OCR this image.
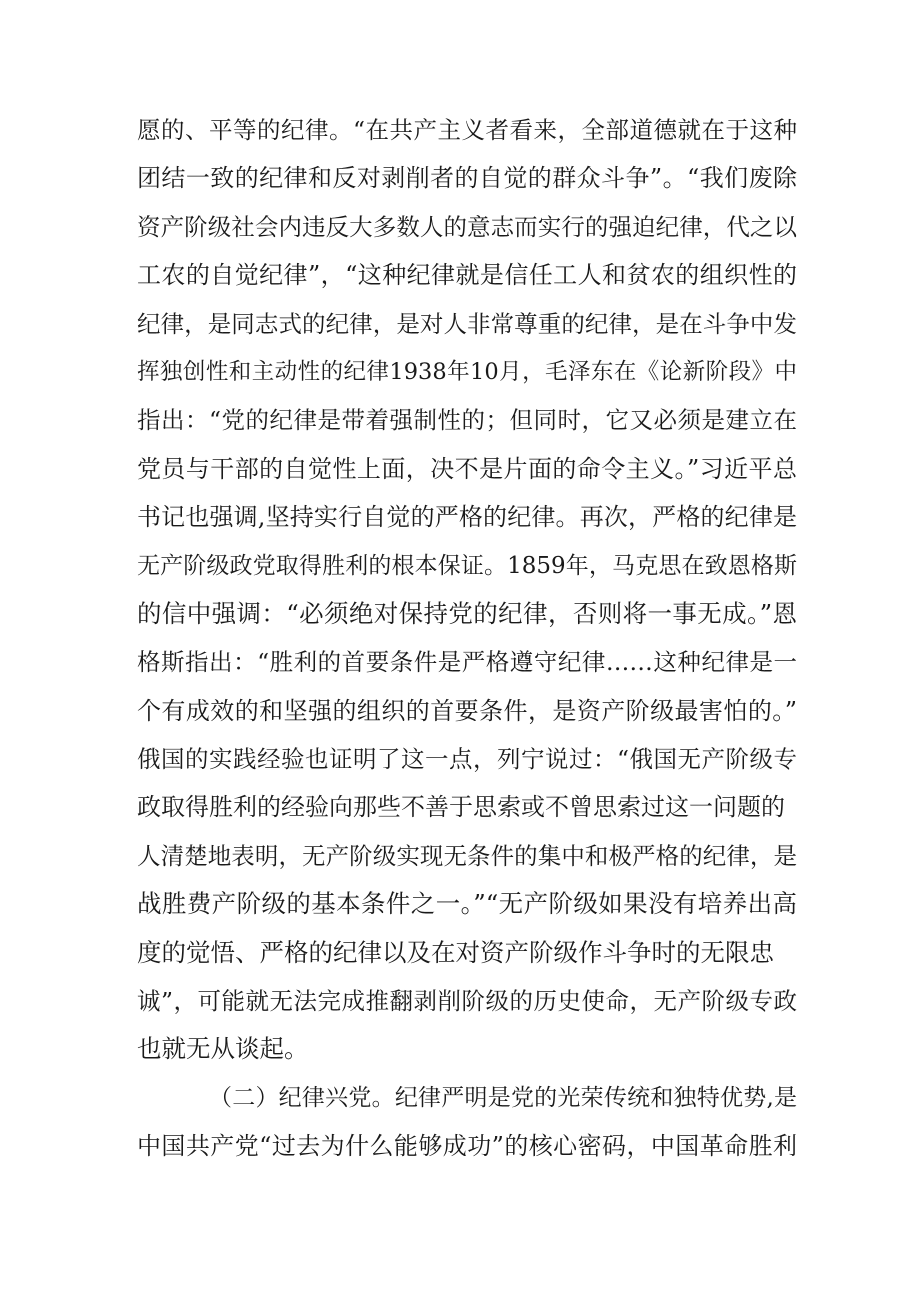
愿的、平等的纪律。“在共产主义者看来，全部道德就在于这种
团结一致的纪律和反对剥削者的自觉的群众斗争”。“我们废除
资产阶级社会内违反大多数人的意志而实行的强迫纪律，代之以
工农的自觉纪律”，“这种纪律就是信任工人和贫农的组织性的
纪律，是同志式的纪律，是对人非常尊重的纪律，是在斗争中发
挥独创性和主动性的纪律1938年10月，毛泽东在《论新阶段》中
指出：“党的纪律是带着强制性的；但同时，它又必须是建立在
党员与干部的自觉性上面，决不是片面的命令主义。”习近平总
书记也强调,坚持实行自觉的严格的纪律。再次，严格的纪律是
无产阶级政党取得胜利的根本保证。1859年，马克思在致恩格斯
的信中强调：“必须绝对保持党的纪律，否则将一事无成。”恩
格斯指出：“胜利的首要条件是严格遵守纪律……这种纪律是一
个有成效的和坚强的组织的首要条件，是资产阶级最害怕的。”
俄国的实践经验也证明了这一点，列宁说过：“俄国无产阶级专
政取得胜利的经验向那些不善于思索或不曾思索过这一问题的
人清楚地表明，无产阶级实现无条件的集中和极严格的纪律，是
战胜费产阶级的基本条件之一。”“无产阶级如果没有培养出高
度的觉悟、严格的纪律以及在对资产阶级作斗争时的无限忠
诚”，可能就无法完成推翻剥削阶级的历史使命，无产阶级专政
也就无从谈起。
（二）纪律兴党。纪律严明是党的光荣传统和独特优势,是
中国共产党“过去为什么能够成功”的核心密码，中国革命胜利
